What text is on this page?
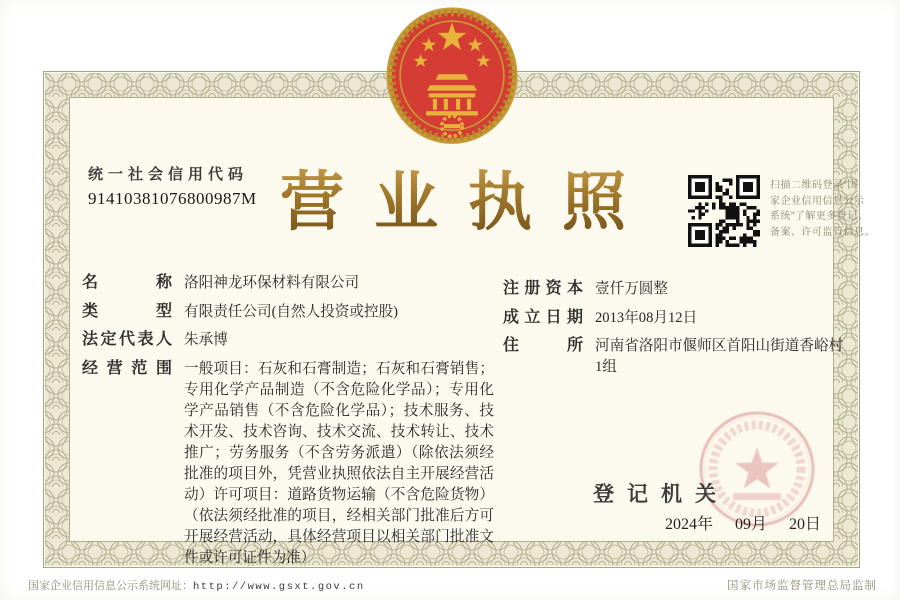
统一社会信用代码
91410381076800987M 营业执照	扫描二维码登录“国
家企业信用信息公示
系统”了解更多登记、
备案、许可监管信息。
名称 洛阳神龙环保材料有限公司
类型 有限责任公司(自然人投资或控股)
法定代表人 朱承博
经营范围 一般项目：石灰和石膏制造；石灰和石膏销售；专用化学产品制造（不含危险化学品）；专用化学产品销售（不含危险化学品）；技术服务、技术开发、技术咨询、技术交流、技术转让、技术推广；劳务服务（不含劳务派遣）（除依法须经批准的项目外，凭营业执照依法自主开展经营活动）许可项目：道路货物运输（不含危险货物）（依法须经批准的项目，经相关部门批准后方可开展经营活动，具体经营项目以相关部门批准文件或许可证件为准）
注册资本 壹仟万圆整
成立日期 2013年08月12日
住所 河南省洛阳市偃师区首阳山街道香峪村1组
登记机关
2024年 09月 20日
国家企业信用信息公示系统网址：http://www.gsxt.gov.cn	国家市场监督管理总局监制
